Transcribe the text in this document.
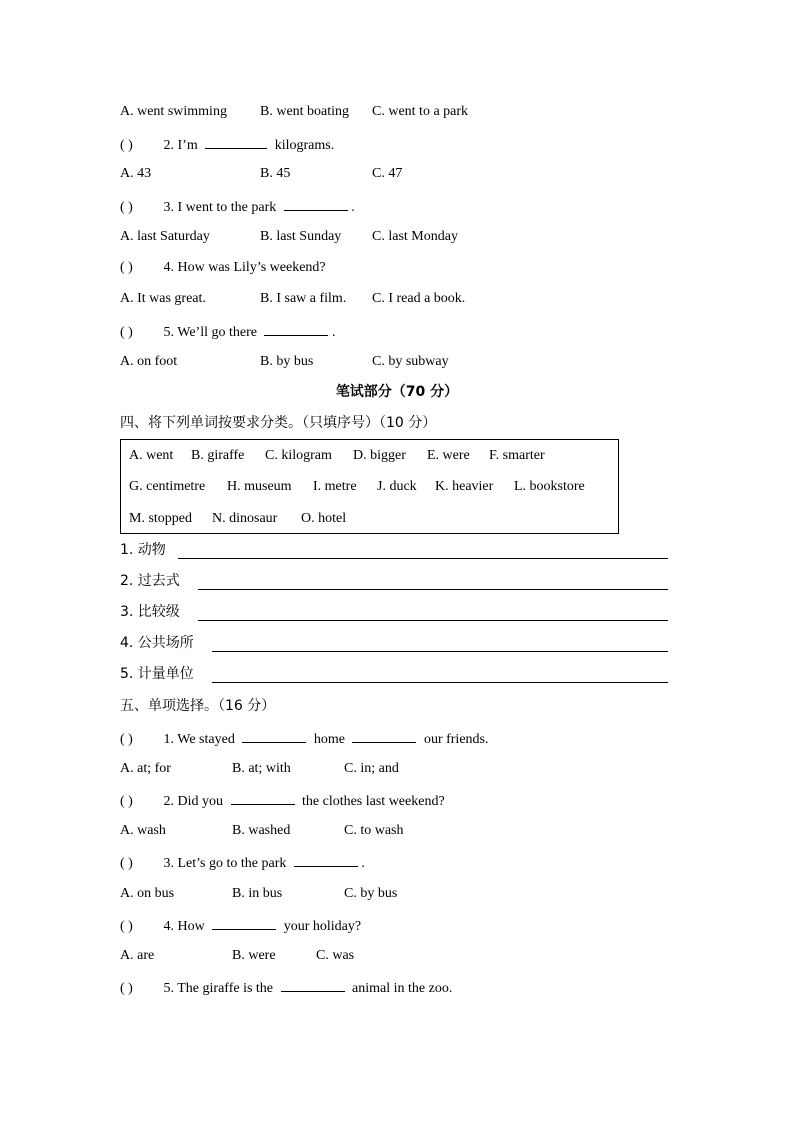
A. went swimming B. went boating C. went to a park
( ) 2. I’m	kilograms.
A. 43	B. 45	C. 47
( ) 3. I went to the park	.
A. last Saturday	B. last Sunday C. last Monday
( ) 4. How was Lily’s weekend?
A. It was great.	B. I saw a film. C. I read a book.
( ) 5. We’ll go there	.
A. on foot	B. by bus	C. by subway
笔试部分（70 分）
四、将下列单词按要求分类。（只填序号）（10 分）
A. went B. giraffe C. kilogram D. bigger E. were F. smarter
G. centimetre H. museum I. metre J. duck K. heavier L. bookstore
M. stopped N. dinosaur O. hotel
1. 动物
2. 过去式
3. 比较级
4. 公共场所
5. 计量单位
五、单项选择。（16 分）
( ) 1. We stayed	home	our friends.
A. at; for	B. at; with	C. in; and
( ) 2. Did you	the clothes last weekend?
A. wash	B. washed	C. to wash
( ) 3. Let’s go to the park	.
A. on bus	B. in bus	C. by bus
( ) 4. How	your holiday?
A. are	B. were	C. was
( ) 5. The giraffe is the	animal in the zoo.
